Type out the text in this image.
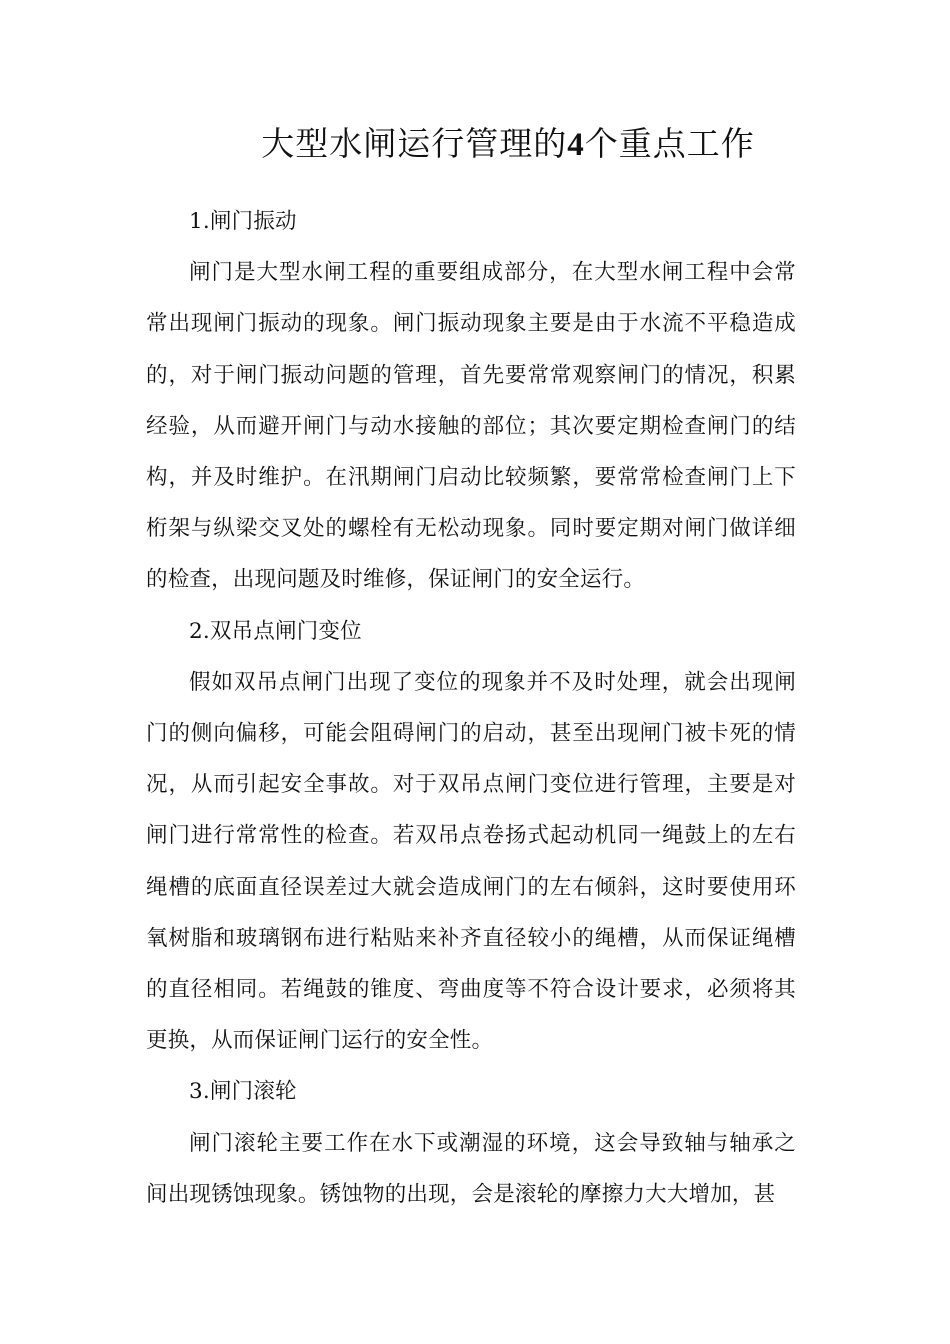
大型水闸运行管理的4个重点工作

1.闸门振动

闸门是大型水闸工程的重要组成部分，在大型水闸工程中会常常出现闸门振动的现象。闸门振动现象主要是由于水流不平稳造成的，对于闸门振动问题的管理，首先要常常观察闸门的情况，积累经验，从而避开闸门与动水接触的部位；其次要定期检查闸门的结构，并及时维护。在汛期闸门启动比较频繁，要常常检查闸门上下桁架与纵梁交叉处的螺栓有无松动现象。同时要定期对闸门做详细的检查，出现问题及时维修，保证闸门的安全运行。

2.双吊点闸门变位

假如双吊点闸门出现了变位的现象并不及时处理，就会出现闸门的侧向偏移，可能会阻碍闸门的启动，甚至出现闸门被卡死的情况，从而引起安全事故。对于双吊点闸门变位进行管理，主要是对闸门进行常常性的检查。若双吊点卷扬式起动机同一绳鼓上的左右绳槽的底面直径误差过大就会造成闸门的左右倾斜，这时要使用环氧树脂和玻璃钢布进行粘贴来补齐直径较小的绳槽，从而保证绳槽的直径相同。若绳鼓的锥度、弯曲度等不符合设计要求，必须将其更换，从而保证闸门运行的安全性。

3.闸门滚轮

闸门滚轮主要工作在水下或潮湿的环境，这会导致轴与轴承之间出现锈蚀现象。锈蚀物的出现，会是滚轮的摩擦力大大增加，甚
